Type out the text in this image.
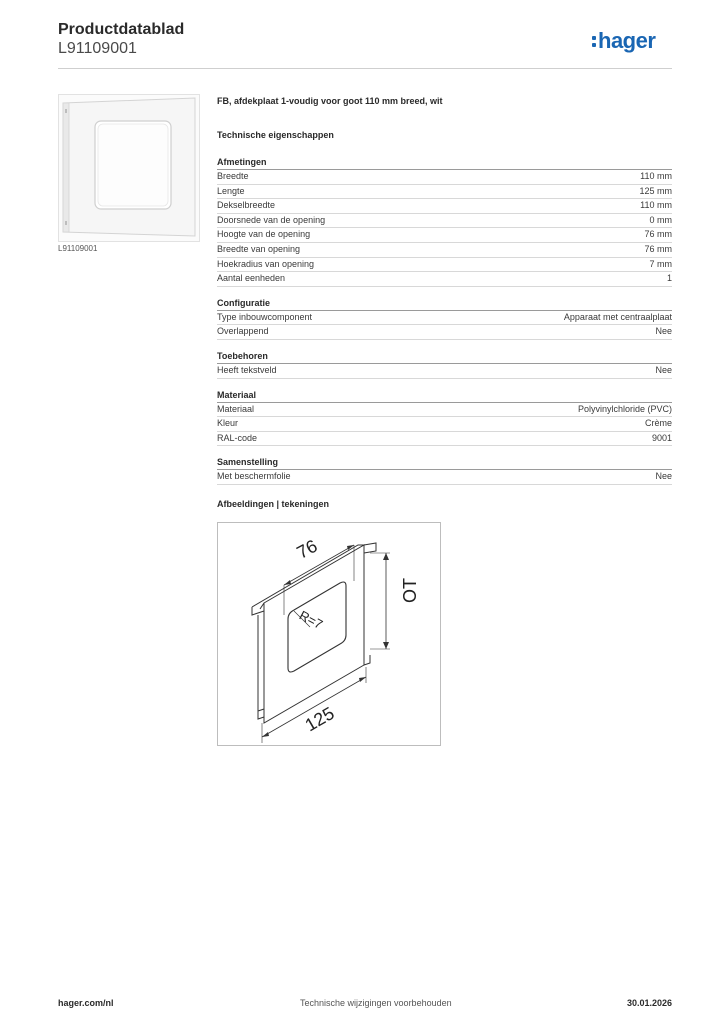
Productdatablad
L91109001	hager
L91109001
FB, afdekplaat 1-voudig voor goot 110 mm breed, wit
Technische eigenschappen
Afmetingen
Breedte	110 mm
Lengte	125 mm
Dekselbreedte	110 mm
Doorsnede van de opening	0 mm
Hoogte van de opening	76 mm
Breedte van opening	76 mm
Hoekradius van opening	7 mm
Aantal eenheden	1
Configuratie
Type inbouwcomponent	Apparaat met centraalplaat
Overlappend	Nee
Toebehoren
Heeft tekstveld	Nee
Materiaal
Materiaal	Polyvinylchloride (PVC)
Kleur	Crème
RAL-code	9001
Samenstelling
Met beschermfolie	Nee
Afbeeldingen | tekeningen
76
R=7
OT
125
hager.com/nl	Technische wijzigingen voorbehouden	30.01.2026
